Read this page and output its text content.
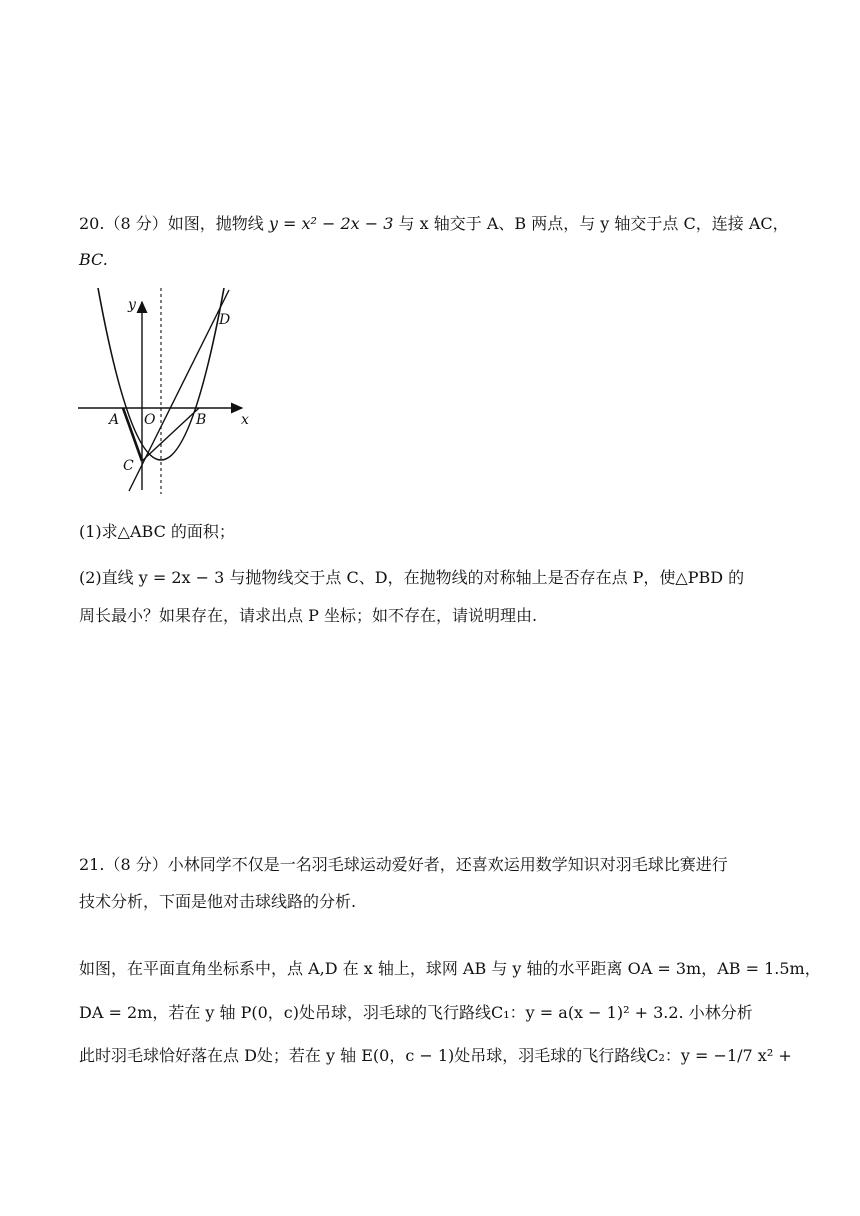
20.（8 分）如图，抛物线 y = x² − 2x − 3 与 x 轴交于 A、B 两点，与 y 轴交于点 C，连接 AC，
BC.
y
x
A O	B
C
D
(1)求△ABC 的面积；
(2)直线 y = 2x − 3 与抛物线交于点 C、D，在抛物线的对称轴上是否存在点 P，使△PBD 的
周长最小？如果存在，请求出点 P 坐标；如不存在，请说明理由.
21.（8 分）小林同学不仅是一名羽毛球运动爱好者，还喜欢运用数学知识对羽毛球比赛进行
技术分析，下面是他对击球线路的分析.
如图，在平面直角坐标系中，点 A,D 在 x 轴上，球网 AB 与 y 轴的水平距离 OA = 3m，AB = 1.5m，
DA = 2m，若在 y 轴 P(0，c)处吊球，羽毛球的飞行路线C₁：y = a(x − 1)² + 3.2. 小林分析
此时羽毛球恰好落在点 D处；若在 y 轴 E(0，c − 1)处吊球，羽毛球的飞行路线C₂：y = −1/7 x² +
